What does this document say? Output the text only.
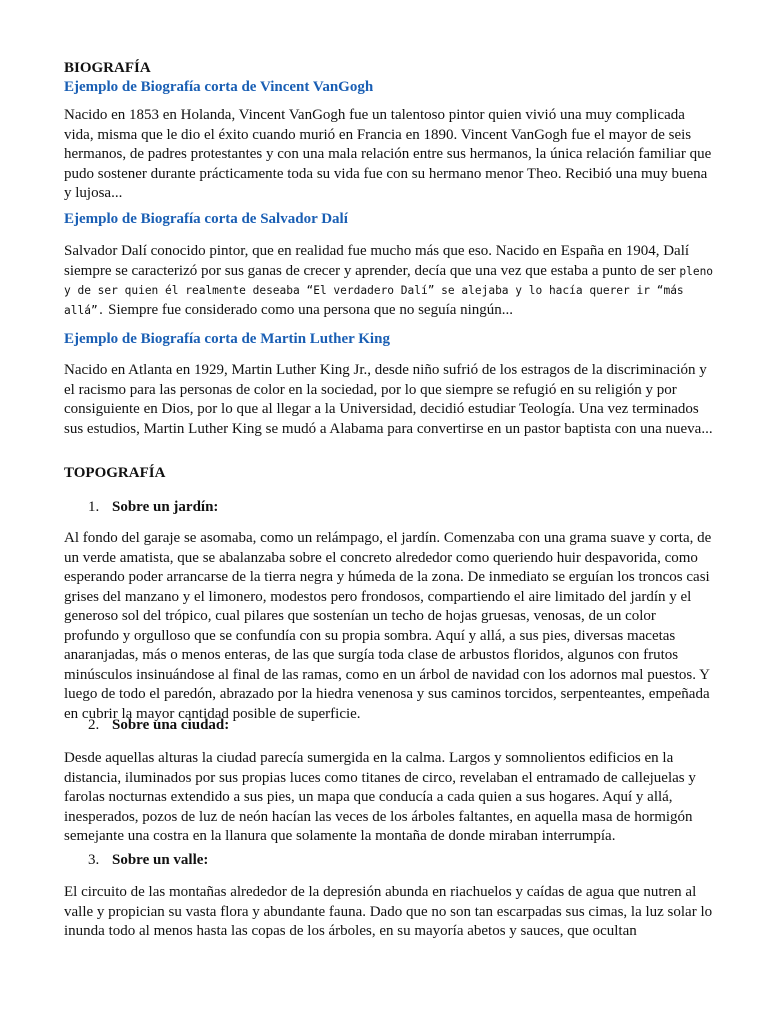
BIOGRAFÍA
Ejemplo de Biografía corta de Vincent VanGogh

Nacido en 1853 en Holanda, Vincent VanGogh fue un talentoso pintor quien vivió una muy complicada vida, misma que le dio el éxito cuando murió en Francia en 1890. Vincent VanGogh fue el mayor de seis hermanos, de padres protestantes y con una mala relación entre sus hermanos, la única relación familiar que pudo sostener durante prácticamente toda su vida fue con su hermano menor Theo. Recibió una muy buena y lujosa...

Ejemplo de Biografía corta de Salvador Dalí

Salvador Dalí conocido pintor, que en realidad fue mucho más que eso. Nacido en España en 1904, Dalí siempre se caracterizó por sus ganas de crecer y aprender, decía que una vez que estaba a punto de ser pleno y de ser quien él realmente deseaba “El verdadero Dalí” se alejaba y lo hacía querer ir “más allá”. Siempre fue considerado como una persona que no seguía ningún...

Ejemplo de Biografía corta de Martin Luther King

Nacido en Atlanta en 1929, Martin Luther King Jr., desde niño sufrió de los estragos de la discriminación y el racismo para las personas de color en la sociedad, por lo que siempre se refugió en su religión y por consiguiente en Dios, por lo que al llegar a la Universidad, decidió estudiar Teología. Una vez terminados sus estudios, Martin Luther King se mudó a Alabama para convertirse en un pastor baptista con una nueva...

TOPOGRAFÍA
1. Sobre un jardín:

Al fondo del garaje se asomaba, como un relámpago, el jardín. Comenzaba con una grama suave y corta, de un verde amatista, que se abalanzaba sobre el concreto alrededor como queriendo huir despavorida, como esperando poder arrancarse de la tierra negra y húmeda de la zona. De inmediato se erguían los troncos casi grises del manzano y el limonero, modestos pero frondosos, compartiendo el aire limitado del jardín y el generoso sol del trópico, cual pilares que sostenían un techo de hojas gruesas, venosas, de un color profundo y orgulloso que se confundía con su propia sombra. Aquí y allá, a sus pies, diversas macetas anaranjadas, más o menos enteras, de las que surgía toda clase de arbustos floridos, algunos con frutos minúsculos insinuándose al final de las ramas, como en un árbol de navidad con los adornos mal puestos. Y luego de todo el paredón, abrazado por la hiedra venenosa y sus caminos torcidos, serpenteantes, empeñada en cubrir la mayor cantidad posible de superficie.

2. Sobre una ciudad:

Desde aquellas alturas la ciudad parecía sumergida en la calma. Largos y somnolientos edificios en la distancia, iluminados por sus propias luces como titanes de circo, revelaban el entramado de callejuelas y farolas nocturnas extendido a sus pies, un mapa que conducía a cada quien a sus hogares. Aquí y allá, inesperados, pozos de luz de neón hacían las veces de los árboles faltantes, en aquella masa de hormigón semejante una costra en la llanura que solamente la montaña de donde miraban interrumpía.

3. Sobre un valle:

El circuito de las montañas alrededor de la depresión abunda en riachuelos y caídas de agua que nutren al valle y propician su vasta flora y abundante fauna. Dado que no son tan escarpadas sus cimas, la luz solar lo inunda todo al menos hasta las copas de los árboles, en su mayoría abetos y sauces, que ocultan
